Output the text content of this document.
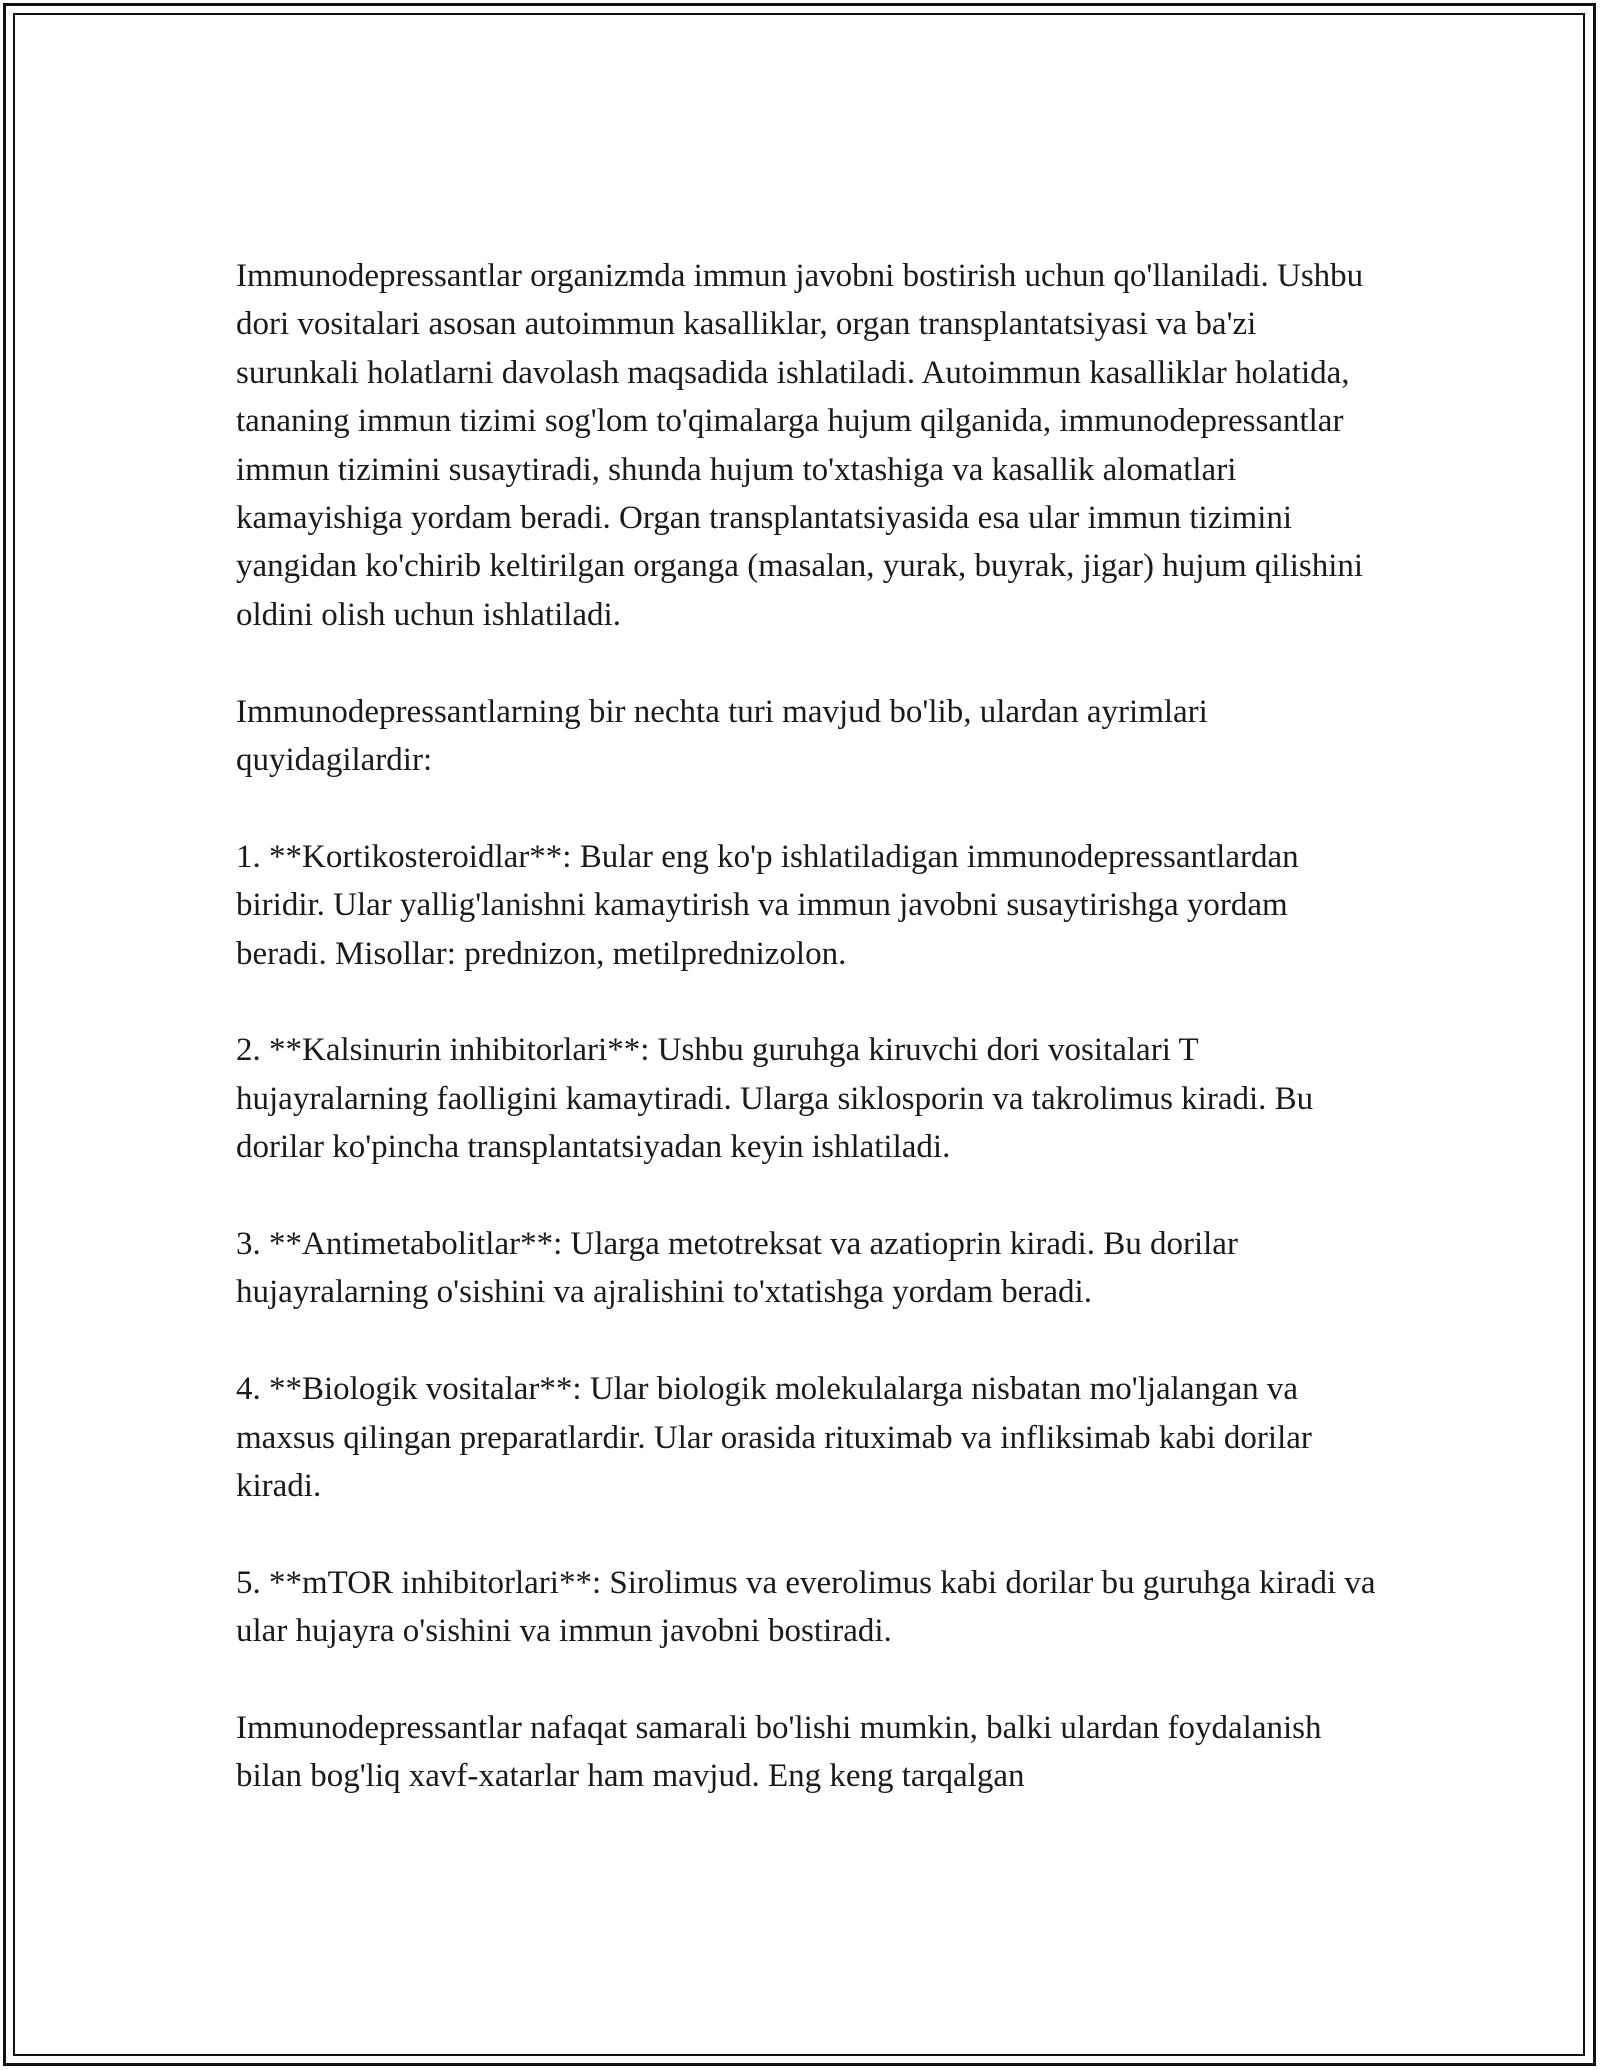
Immunodepressantlar organizmda immun javobni bostirish uchun qo'llaniladi. Ushbu dori vositalari asosan autoimmun kasalliklar, organ transplantatsiyasi va ba'zi surunkali holatlarni davolash maqsadida ishlatiladi. Autoimmun kasalliklar holatida, tananing immun tizimi sog'lom to'qimalarga hujum qilganida, immunodepressantlar immun tizimini susaytiradi, shunda hujum to'xtashiga va kasallik alomatlari kamayishiga yordam beradi. Organ transplantatsiyasida esa ular immun tizimini yangidan ko'chirib keltirilgan organga (masalan, yurak, buyrak, jigar) hujum qilishini oldini olish uchun ishlatiladi.

Immunodepressantlarning bir nechta turi mavjud bo'lib, ulardan ayrimlari quyidagilardir:

1. **Kortikosteroidlar**: Bular eng ko'p ishlatiladigan immunodepressantlardan biridir. Ular yallig'lanishni kamaytirish va immun javobni susaytirishga yordam beradi. Misollar: prednizon, metilprednizolon.

2. **Kalsinurin inhibitorlari**: Ushbu guruhga kiruvchi dori vositalari T hujayralarning faolligini kamaytiradi. Ularga siklosporin va takrolimus kiradi. Bu dorilar ko'pincha transplantatsiyadan keyin ishlatiladi.

3. **Antimetabolitlar**: Ularga metotreksat va azatioprin kiradi. Bu dorilar hujayralarning o'sishini va ajralishini to'xtatishga yordam beradi.

4. **Biologik vositalar**: Ular biologik molekulalarga nisbatan mo'ljalangan va maxsus qilingan preparatlardir. Ular orasida rituximab va infliksimab kabi dorilar kiradi.

5. **mTOR inhibitorlari**: Sirolimus va everolimus kabi dorilar bu guruhga kiradi va ular hujayra o'sishini va immun javobni bostiradi.

Immunodepressantlar nafaqat samarali bo'lishi mumkin, balki ulardan foydalanish bilan bog'liq xavf-xatarlar ham mavjud. Eng keng tarqalgan
